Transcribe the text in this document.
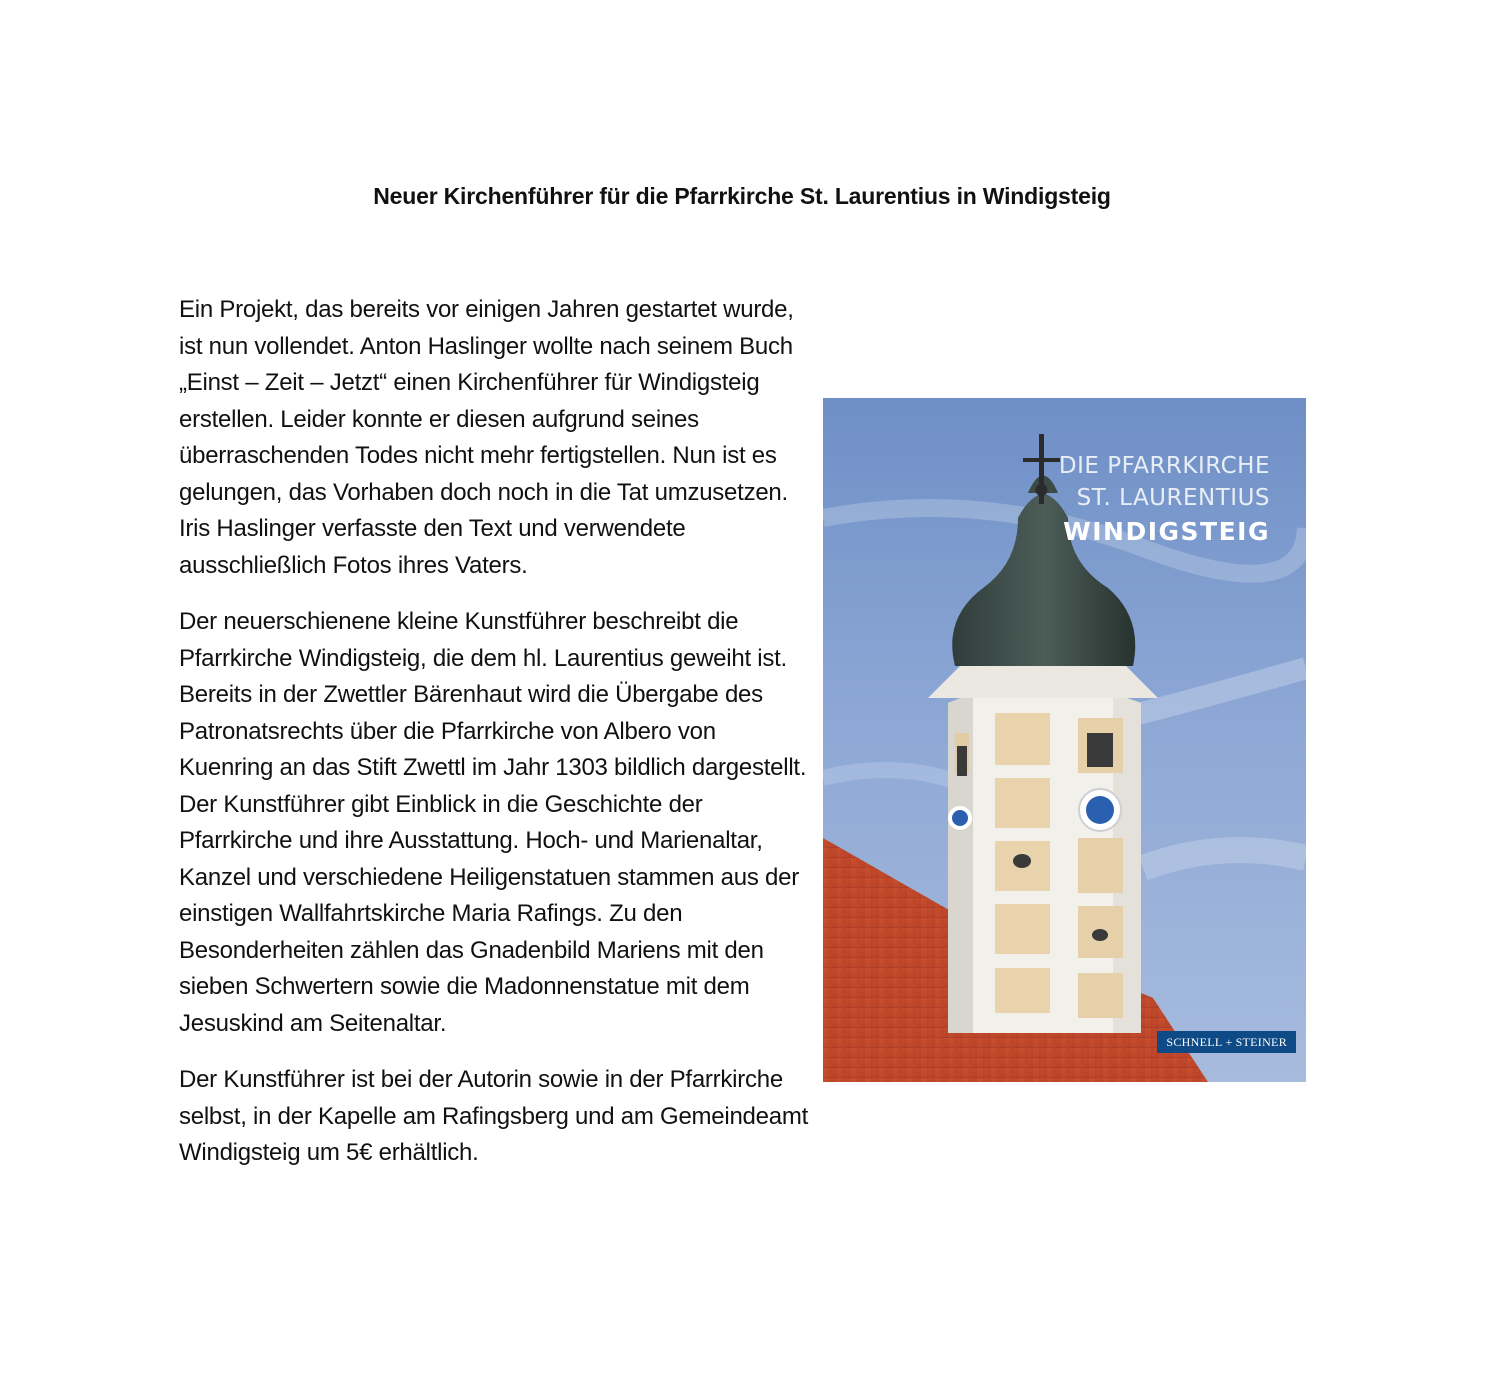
Neuer Kirchenführer für die Pfarrkirche St. Laurentius in Windigsteig

Ein Projekt, das bereits vor einigen Jahren gestartet wurde, ist nun vollendet. Anton Haslinger wollte nach seinem Buch „Einst – Zeit – Jetzt“ einen Kirchenführer für Windigsteig erstellen. Leider konnte er diesen aufgrund seines überraschenden Todes nicht mehr fertigstellen. Nun ist es gelungen, das Vorhaben doch noch in die Tat umzusetzen. Iris Haslinger verfasste den Text und verwendete ausschließlich Fotos ihres Vaters.

Der neuerschienene kleine Kunstführer beschreibt die Pfarrkirche Windigsteig, die dem hl. Laurentius geweiht ist. Bereits in der Zwettler Bärenhaut wird die Übergabe des Patronatsrechts über die Pfarrkirche von Albero von Kuenring an das Stift Zwettl im Jahr 1303 bildlich dargestellt. Der Kunstführer gibt Einblick in die Geschichte der Pfarrkirche und ihre Ausstattung. Hoch- und Marienaltar, Kanzel und verschiedene Heiligenstatuen stammen aus der einstigen Wallfahrtskirche Maria Rafings. Zu den Besonderheiten zählen das Gnadenbild Mariens mit den sieben Schwertern sowie die Madonnenstatue mit dem Jesuskind am Seitenaltar.

Der Kunstführer ist bei der Autorin sowie in der Pfarrkirche selbst, in der Kapelle am Rafingsberg und am Gemeindeamt Windigsteig um 5€ erhältlich.

DIE PFARRKIRCHE
ST. LAURENTIUS
WINDIGSTEIG
SCHNELL + STEINER
